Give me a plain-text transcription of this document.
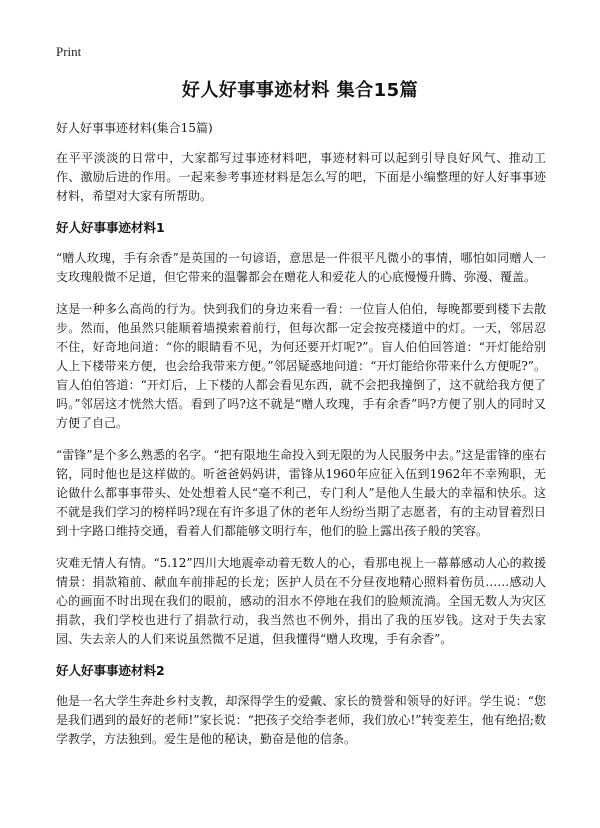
Print
好人好事事迹材料 集合15篇
好人好事事迹材料(集合15篇)
在平平淡淡的日常中，大家都写过事迹材料吧，事迹材料可以起到引导良好风气、推动工作、激励后进的作用。一起来参考事迹材料是怎么写的吧，下面是小编整理的好人好事事迹材料，希望对大家有所帮助。
好人好事事迹材料1
“赠人玫瑰，手有余香”是英国的一句谚语，意思是一件很平凡微小的事情，哪怕如同赠人一支玫瑰般微不足道，但它带来的温馨都会在赠花人和爱花人的心底慢慢升腾、弥漫、覆盖。
这是一种多么高尚的行为。快到我们的身边来看一看：一位盲人伯伯，每晚都要到楼下去散步。然而，他虽然只能顺着墙摸索着前行，但每次都一定会按亮楼道中的灯。一天，邻居忍不住，好奇地问道：“你的眼睛看不见，为何还要开灯呢?”。盲人伯伯回答道：“开灯能给别人上下楼带来方便，也会给我带来方便。”邻居疑惑地问道：“开灯能给你带来什么方便呢?”。盲人伯伯答道：“开灯后，上下楼的人都会看见东西，就不会把我撞倒了，这不就给我方便了吗。”邻居这才恍然大悟。看到了吗?这不就是“赠人玫瑰，手有余香”吗?方便了别人的同时又方便了自己。
“雷锋”是个多么熟悉的名字。“把有限地生命投入到无限的为人民服务中去。”这是雷锋的座右铭，同时他也是这样做的。听爸爸妈妈讲，雷锋从1960年应征入伍到1962年不幸殉职，无论做什么都事事带头、处处想着人民“毫不利己，专门利人”是他人生最大的幸福和快乐。这不就是我们学习的榜样吗?现在有许多退了休的老年人纷纷当期了志愿者，有的主动冒着烈日到十字路口维持交通，看着人们都能够文明行车，他们的脸上露出孩子般的笑容。
灾难无情人有情。“5.12”四川大地震牵动着无数人的心，看那电视上一幕幕感动人心的救援情景：捐款箱前、献血车前排起的长龙；医护人员在不分昼夜地精心照料着伤员……感动人心的画面不时出现在我们的眼前，感动的泪水不停地在我们的脸颊流淌。全国无数人为灾区捐款，我们学校也进行了捐款行动，我当然也不例外，捐出了我的压岁钱。这对于失去家园、失去亲人的人们来说虽然微不足道，但我懂得“赠人玫瑰，手有余香”。
好人好事事迹材料2
他是一名大学生奔赴乡村支教，却深得学生的爱戴、家长的赞誉和领导的好评。学生说：“您是我们遇到的最好的老师!”家长说：“把孩子交给李老师，我们放心!”转变差生，他有绝招;数学教学，方法独到。爱生是他的秘诀，勤奋是他的信条。
